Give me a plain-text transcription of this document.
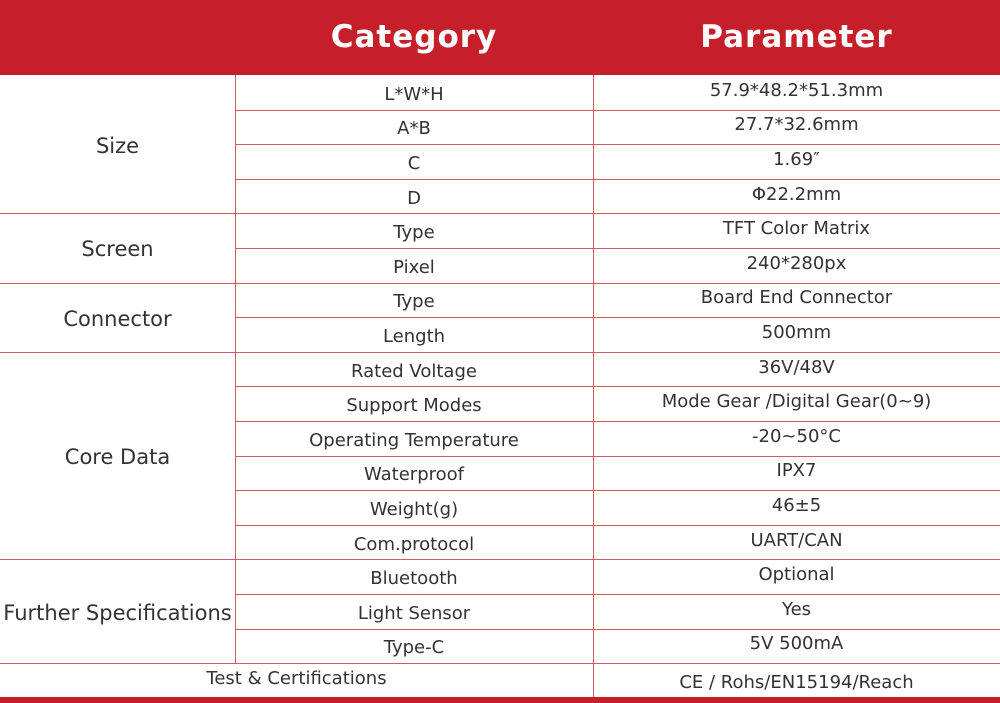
Category	Parameter
Size
L*W*H	57.9*48.2*51.3mm
A*B	27.7*32.6mm
C	1.69″
D	Φ22.2mm
Screen
Type	TFT Color Matrix
Pixel	240*280px
Connector
Type	Board End Connector
Length	500mm
Core Data
Rated Voltage	36V/48V
Support Modes	Mode Gear /Digital Gear(0~9)
Operating Temperature	-20~50°C
Waterproof	IPX7
Weight(g)	46±5
Com.protocol	UART/CAN
Further Specifications
Bluetooth	Optional
Light Sensor	Yes
Type-C	5V 500mA
Test & Certifications	CE / Rohs/EN15194/Reach
